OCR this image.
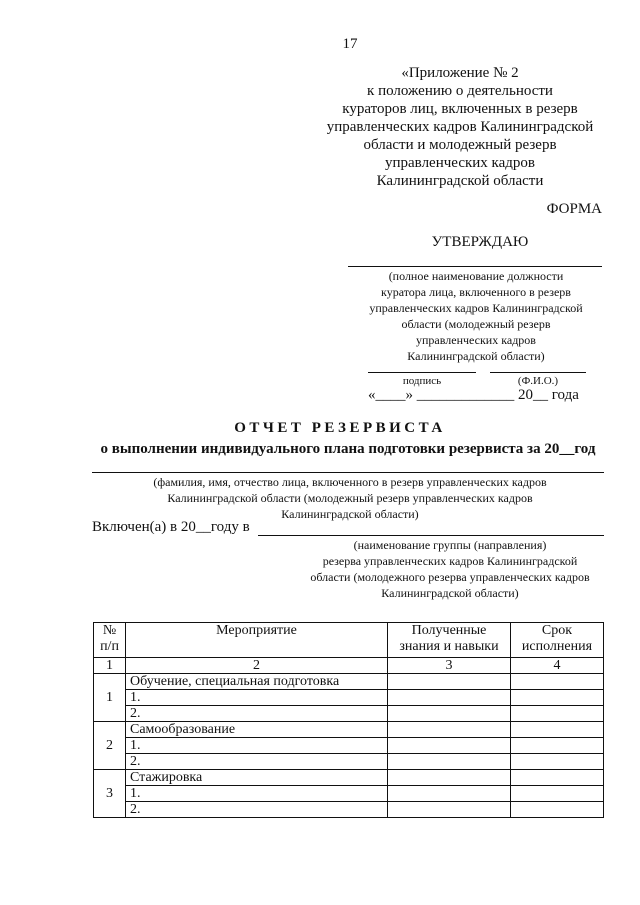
17
«Приложение № 2
к положению о деятельности
кураторов лиц, включенных в резерв
управленческих кадров Калининградской
области и молодежный резерв
управленческих кадров
Калининградской области
ФОРМА
УТВЕРЖДАЮ
(полное наименование должности
куратора лица, включенного в резерв
управленческих кадров Калининградской
области (молодежный резерв
управленческих кадров
Калининградской области)
подпись	(Ф.И.О.)
«____» _____________ 20__ года
ОТЧЕТ РЕЗЕРВИСТА
о выполнении индивидуального плана подготовки резервиста за 20__год
(фамилия, имя, отчество лица, включенного в резерв управленческих кадров
Калининградской области (молодежный резерв управленческих кадров
Калининградской области)
Включен(а) в 20__году в
(наименование группы (направления)
резерва управленческих кадров Калининградской
области (молодежного резерва управленческих кадров
Калининградской области)
№ п/п	Мероприятие	Полученные знания и навыки	Срок исполнения
1	2	3	4
1	Обучение, специальная подготовка		
	1.		
	2.		
2	Самообразование		
	1.		
	2.		
3	Стажировка		
	1.		
	2.		
